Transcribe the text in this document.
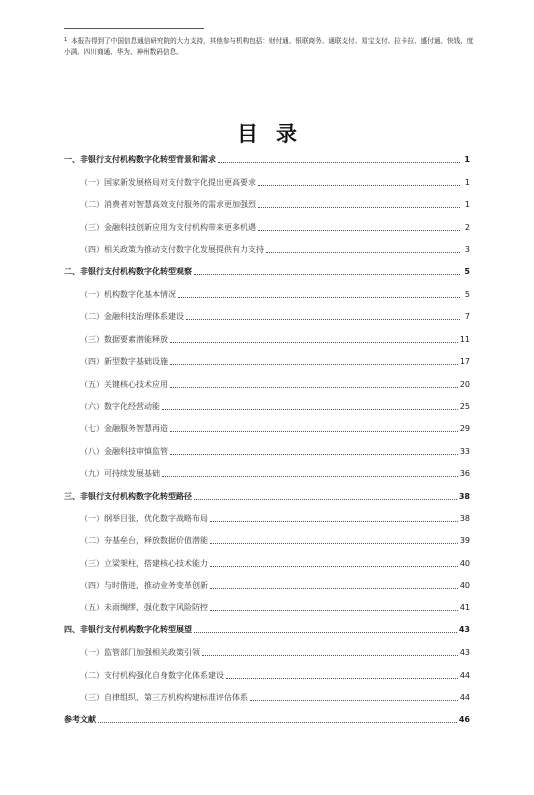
$^1$ 本报告得到了中国信息通信研究院的大力支持，其他参与机构包括：财付通、银联商务、通联支付、易宝支付、拉卡拉、盛付通、快钱、度小满、四川商通、华为、神州数码信息。
目录
一、非银行支付机构数字化转型背景和需求	1
（一）国家新发展格局对支付数字化提出更高要求	1
（二）消费者对智慧高效支付服务的需求更加强烈	1
（三）金融科技创新应用为支付机构带来更多机遇	2
（四）相关政策为推动支付数字化发展提供有力支持	3
二、非银行支付机构数字化转型观察	5
（一）机构数字化基本情况	5
（二）金融科技治理体系建设	7
（三）数据要素潜能释放	11
（四）新型数字基础设施	17
（五）关键核心技术应用	20
（六）数字化经营动能	25
（七）金融服务智慧再造	29
（八）金融科技审慎监管	33
（九）可持续发展基础	36
三、非银行支付机构数字化转型路径	38
（一）纲举目张，优化数字战略布局	38
（二）夯基垒台，释放数据价值潜能	39
（三）立梁架柱，搭建核心技术能力	40
（四）与时偕进，推动业务变革创新	40
（五）未雨绸缪，强化数字风险防控	41
四、非银行支付机构数字化转型展望	43
（一）监管部门加强相关政策引领	43
（二）支付机构强化自身数字化体系建设	44
（三）自律组织、第三方机构构建标准评估体系	44
参考文献	46
